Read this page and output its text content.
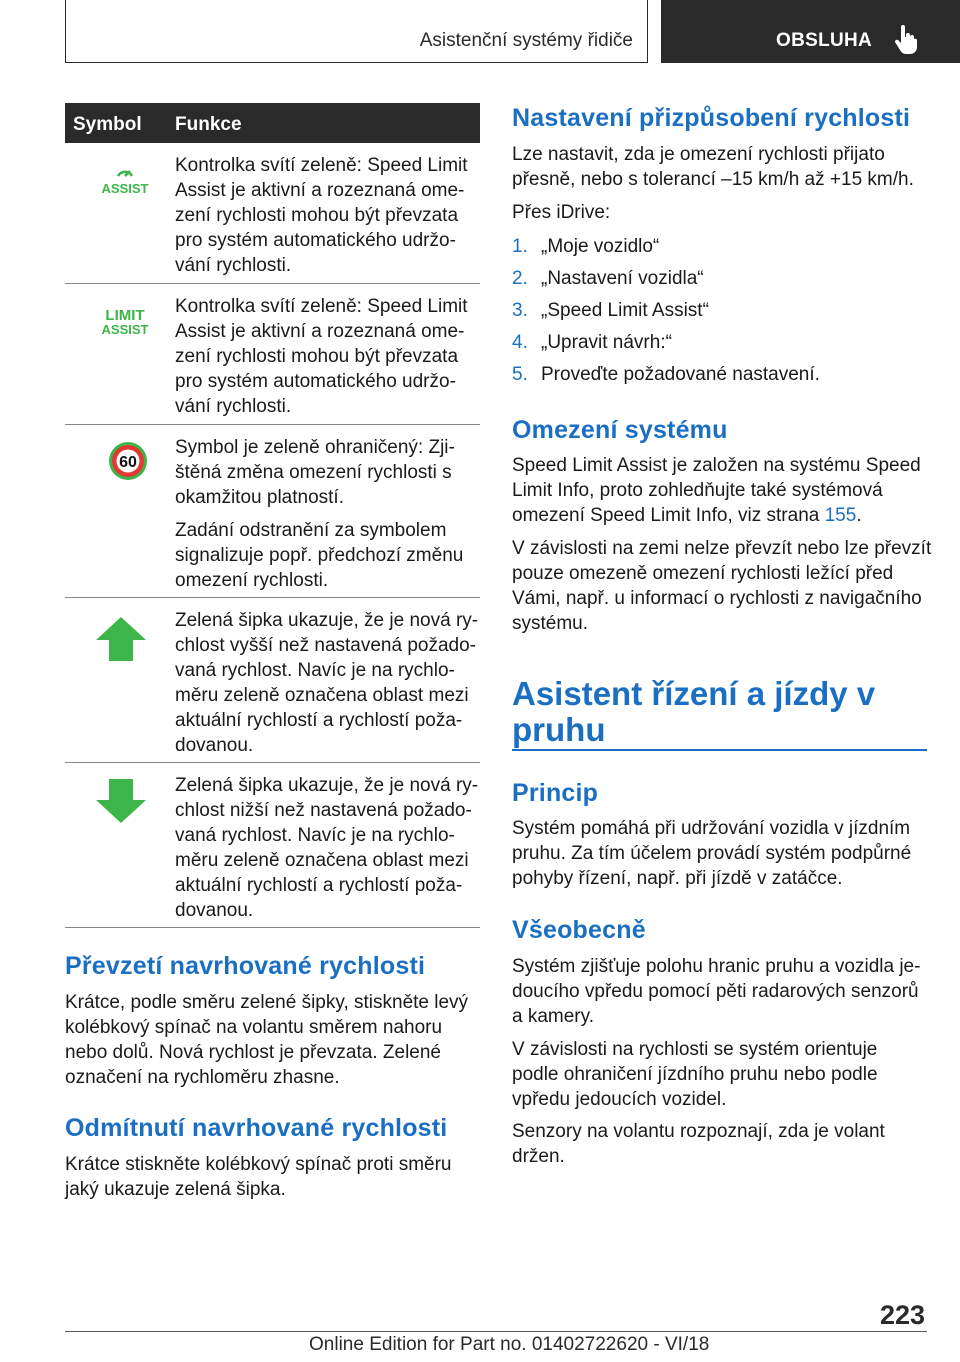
Asistenční systémy řidiče	OBSLUHA
Symbol Funkce
ASSIST

Kontrolka svítí zeleně: Speed Limit Assist je aktivní a rozeznaná ome-zení rychlosti mohou být převzata pro systém automatického udržo-vání rychlosti.

LIMIT
ASSIST

Kontrolka svítí zeleně: Speed Limit Assist je aktivní a rozeznaná ome-zení rychlosti mohou být převzata pro systém automatického udržo-vání rychlosti.

60

Symbol je zeleně ohraničený: Zji-štěná změna omezení rychlosti s okamžitou platností.

Zadání odstranění za symbolem signalizuje popř. předchozí změnu omezení rychlosti.

Zelená šipka ukazuje, že je nová ry-chlost vyšší než nastavená požado-vaná rychlost. Navíc je na rychlo-měru zeleně označena oblast mezi aktuální rychlostí a rychlostí poža-dovanou.

Zelená šipka ukazuje, že je nová ry-chlost nižší než nastavená požado-vaná rychlost. Navíc je na rychlo-měru zeleně označena oblast mezi aktuální rychlostí a rychlostí poža-dovanou.

Převzetí navrhované rychlosti

Krátce, podle směru zelené šipky, stiskněte levý kolébkový spínač na volantu směrem nahoru nebo dolů. Nová rychlost je převzata. Zelené označení na rychloměru zhasne.

Odmítnutí navrhované rychlosti

Krátce stiskněte kolébkový spínač proti směru jaký ukazuje zelená šipka.

Nastavení přizpůsobení rychlosti

Lze nastavit, zda je omezení rychlosti přijato přesně, nebo s tolerancí –15 km/h až +15 km/h.

Přes iDrive:

1. „Moje vozidlo“
2. „Nastavení vozidla“
3. „Speed Limit Assist“
4. „Upravit návrh:“
5. Proveďte požadované nastavení.
Omezení systému

Speed Limit Assist je založen na systému Speed Limit Info, proto zohledňujte také systémová omezení Speed Limit Info, viz strana 155.

V závislosti na zemi nelze převzít nebo lze převzít pouze omezeně omezení rychlosti ležící před Vámi, např. u informací o rychlosti z navigačního systému.

Asistent řízení a jízdy v pruhu
Princip

Systém pomáhá při udržování vozidla v jízdním pruhu. Za tím účelem provádí systém podpůrné pohyby řízení, např. při jízdě v zatáčce.

Všeobecně

Systém zjišťuje polohu hranic pruhu a vozidla je-doucího vpředu pomocí pěti radarových senzorů a kamery.

V závislosti na rychlosti se systém orientuje podle ohraničení jízdního pruhu nebo podle vpředu jedoucích vozidel.

Senzory na volantu rozpoznají, zda je volant držen.

223
Online Edition for Part no. 01402722620 - VI/18
